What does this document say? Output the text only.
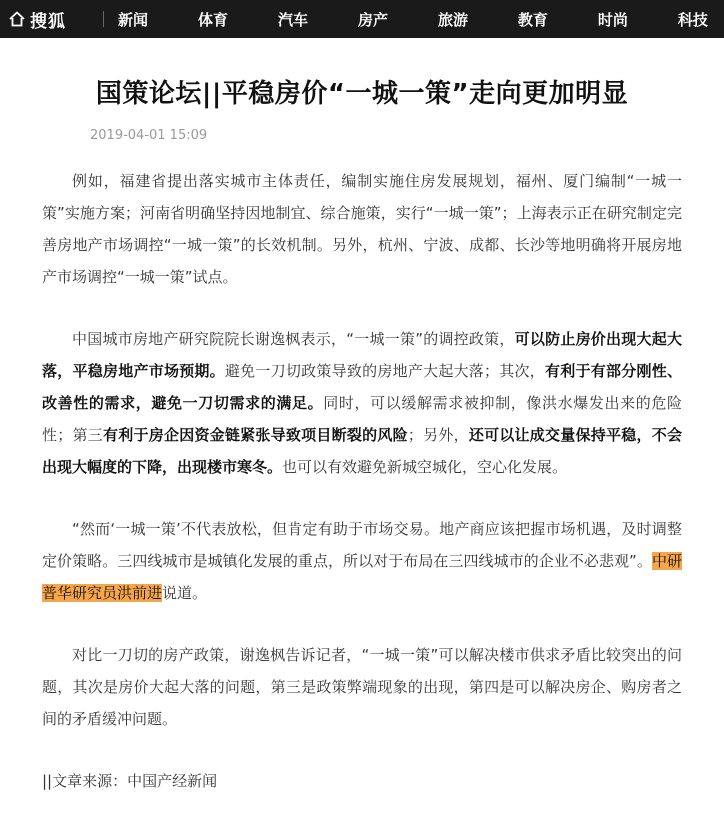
搜狐	新闻	体育	汽车	房产	旅游	教育	时尚	科技
国策论坛||平稳房价“一城一策”走向更加明显
2019-04-01 15:09

例如，福建省提出落实城市主体责任，编制实施住房发展规划，福州、厦门编制“一城一策”实施方案；河南省明确坚持因地制宜、综合施策，实行“一城一策”；上海表示正在研究制定完善房地产市场调控“一城一策”的长效机制。另外，杭州、宁波、成都、长沙等地明确将开展房地产市场调控“一城一策”试点。

中国城市房地产研究院院长谢逸枫表示，“一城一策”的调控政策，可以防止房价出现大起大落，平稳房地产市场预期。避免一刀切政策导致的房地产大起大落；其次，有利于有部分刚性、改善性的需求，避免一刀切需求的满足。同时，可以缓解需求被抑制，像洪水爆发出来的危险性；第三有利于房企因资金链紧张导致项目断裂的风险；另外，还可以让成交量保持平稳，不会出现大幅度的下降，出现楼市寒冬。也可以有效避免新城空城化，空心化发展。

“然而‘一城一策’不代表放松，但肯定有助于市场交易。地产商应该把握市场机遇，及时调整定价策略。三四线城市是城镇化发展的重点，所以对于布局在三四线城市的企业不必悲观”。中研普华研究员洪前进说道。

对比一刀切的房产政策，谢逸枫告诉记者，“一城一策”可以解决楼市供求矛盾比较突出的问题，其次是房价大起大落的问题，第三是政策弊端现象的出现，第四是可以解决房企、购房者之间的矛盾缓冲问题。

||文章来源：中国产经新闻
